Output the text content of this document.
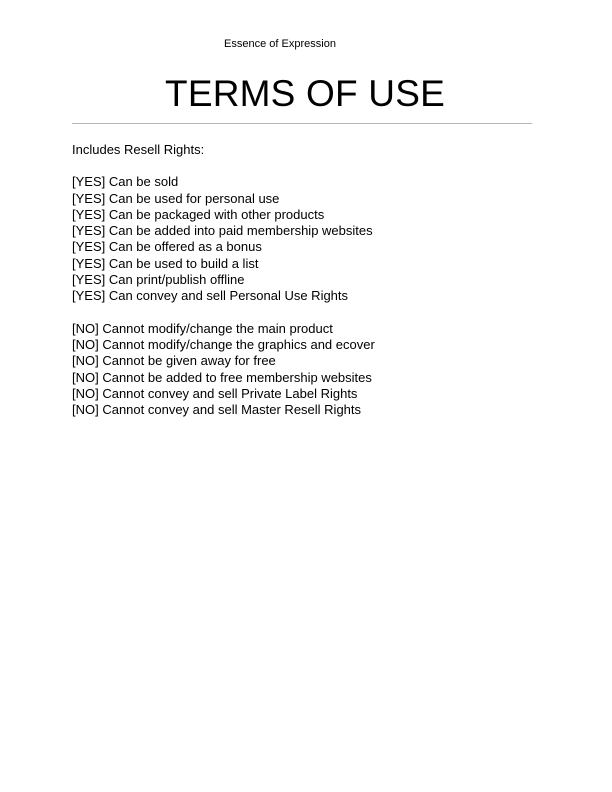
Essence of Expression
TERMS OF USE

Includes Resell Rights:

[YES] Can be sold
[YES] Can be used for personal use
[YES] Can be packaged with other products
[YES] Can be added into paid membership websites
[YES] Can be offered as a bonus
[YES] Can be used to build a list
[YES] Can print/publish offline
[YES] Can convey and sell Personal Use Rights
[NO] Cannot modify/change the main product
[NO] Cannot modify/change the graphics and ecover
[NO] Cannot be given away for free
[NO] Cannot be added to free membership websites
[NO] Cannot convey and sell Private Label Rights
[NO] Cannot convey and sell Master Resell Rights
